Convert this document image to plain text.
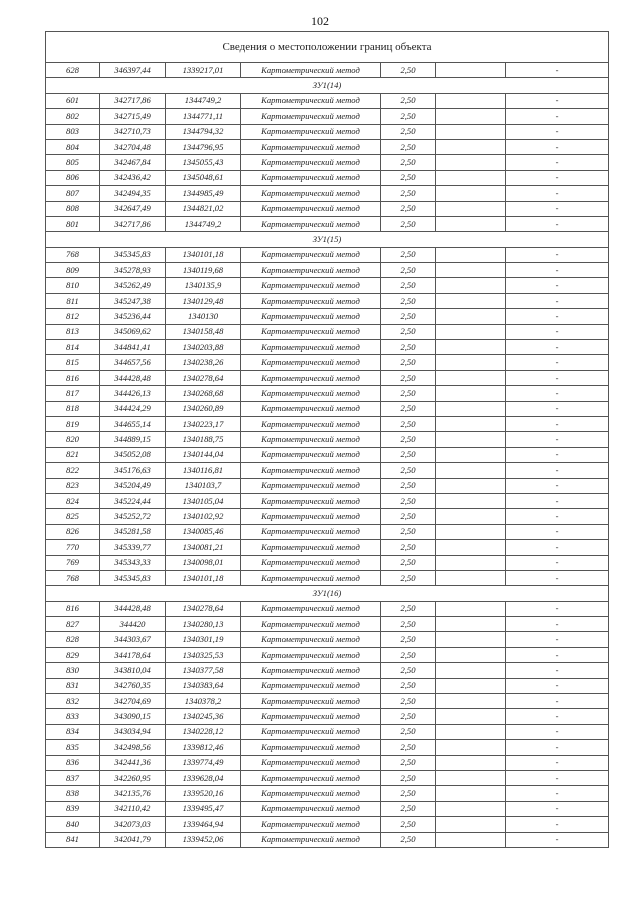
102
Сведения о местоположении границ объекта						
628	346397,44	1339217,01	Картометрический метод	2,50		-
ЗУ1(14)						
601	342717,86	1344749,2	Картометрический метод	2,50		-
802	342715,49	1344771,11	Картометрический метод	2,50		-
803	342710,73	1344794,32	Картометрический метод	2,50		-
804	342704,48	1344796,95	Картометрический метод	2,50		-
805	342467,84	1345055,43	Картометрический метод	2,50		-
806	342436,42	1345048,61	Картометрический метод	2,50		-
807	342494,35	1344985,49	Картометрический метод	2,50		-
808	342647,49	1344821,02	Картометрический метод	2,50		-
801	342717,86	1344749,2	Картометрический метод	2,50		-
ЗУ1(15)						
768	345345,83	1340101,18	Картометрический метод	2,50		-
809	345278,93	1340119,68	Картометрический метод	2,50		-
810	345262,49	1340135,9	Картометрический метод	2,50		-
811	345247,38	1340129,48	Картометрический метод	2,50		-
812	345236,44	1340130	Картометрический метод	2,50		-
813	345069,62	1340158,48	Картометрический метод	2,50		-
814	344841,41	1340203,88	Картометрический метод	2,50		-
815	344657,56	1340238,26	Картометрический метод	2,50		-
816	344428,48	1340278,64	Картометрический метод	2,50		-
817	344426,13	1340268,68	Картометрический метод	2,50		-
818	344424,29	1340260,89	Картометрический метод	2,50		-
819	344655,14	1340223,17	Картометрический метод	2,50		-
820	344889,15	1340188,75	Картометрический метод	2,50		-
821	345052,08	1340144,04	Картометрический метод	2,50		-
822	345176,63	1340116,81	Картометрический метод	2,50		-
823	345204,49	1340103,7	Картометрический метод	2,50		-
824	345224,44	1340105,04	Картометрический метод	2,50		-
825	345252,72	1340102,92	Картометрический метод	2,50		-
826	345281,58	1340085,46	Картометрический метод	2,50		-
770	345339,77	1340081,21	Картометрический метод	2,50		-
769	345343,33	1340098,01	Картометрический метод	2,50		-
768	345345,83	1340101,18	Картометрический метод	2,50		-
ЗУ1(16)						
816	344428,48	1340278,64	Картометрический метод	2,50		-
827	344420	1340280,13	Картометрический метод	2,50		-
828	344303,67	1340301,19	Картометрический метод	2,50		-
829	344178,64	1340325,53	Картометрический метод	2,50		-
830	343810,04	1340377,58	Картометрический метод	2,50		-
831	342760,35	1340383,64	Картометрический метод	2,50		-
832	342704,69	1340378,2	Картометрический метод	2,50		-
833	343090,15	1340245,36	Картометрический метод	2,50		-
834	343034,94	1340228,12	Картометрический метод	2,50		-
835	342498,56	1339812,46	Картометрический метод	2,50		-
836	342441,36	1339774,49	Картометрический метод	2,50		-
837	342260,95	1339628,04	Картометрический метод	2,50		-
838	342135,76	1339520,16	Картометрический метод	2,50		-
839	342110,42	1339495,47	Картометрический метод	2,50		-
840	342073,03	1339464,94	Картометрический метод	2,50		-
841	342041,79	1339452,06	Картометрический метод	2,50		-
